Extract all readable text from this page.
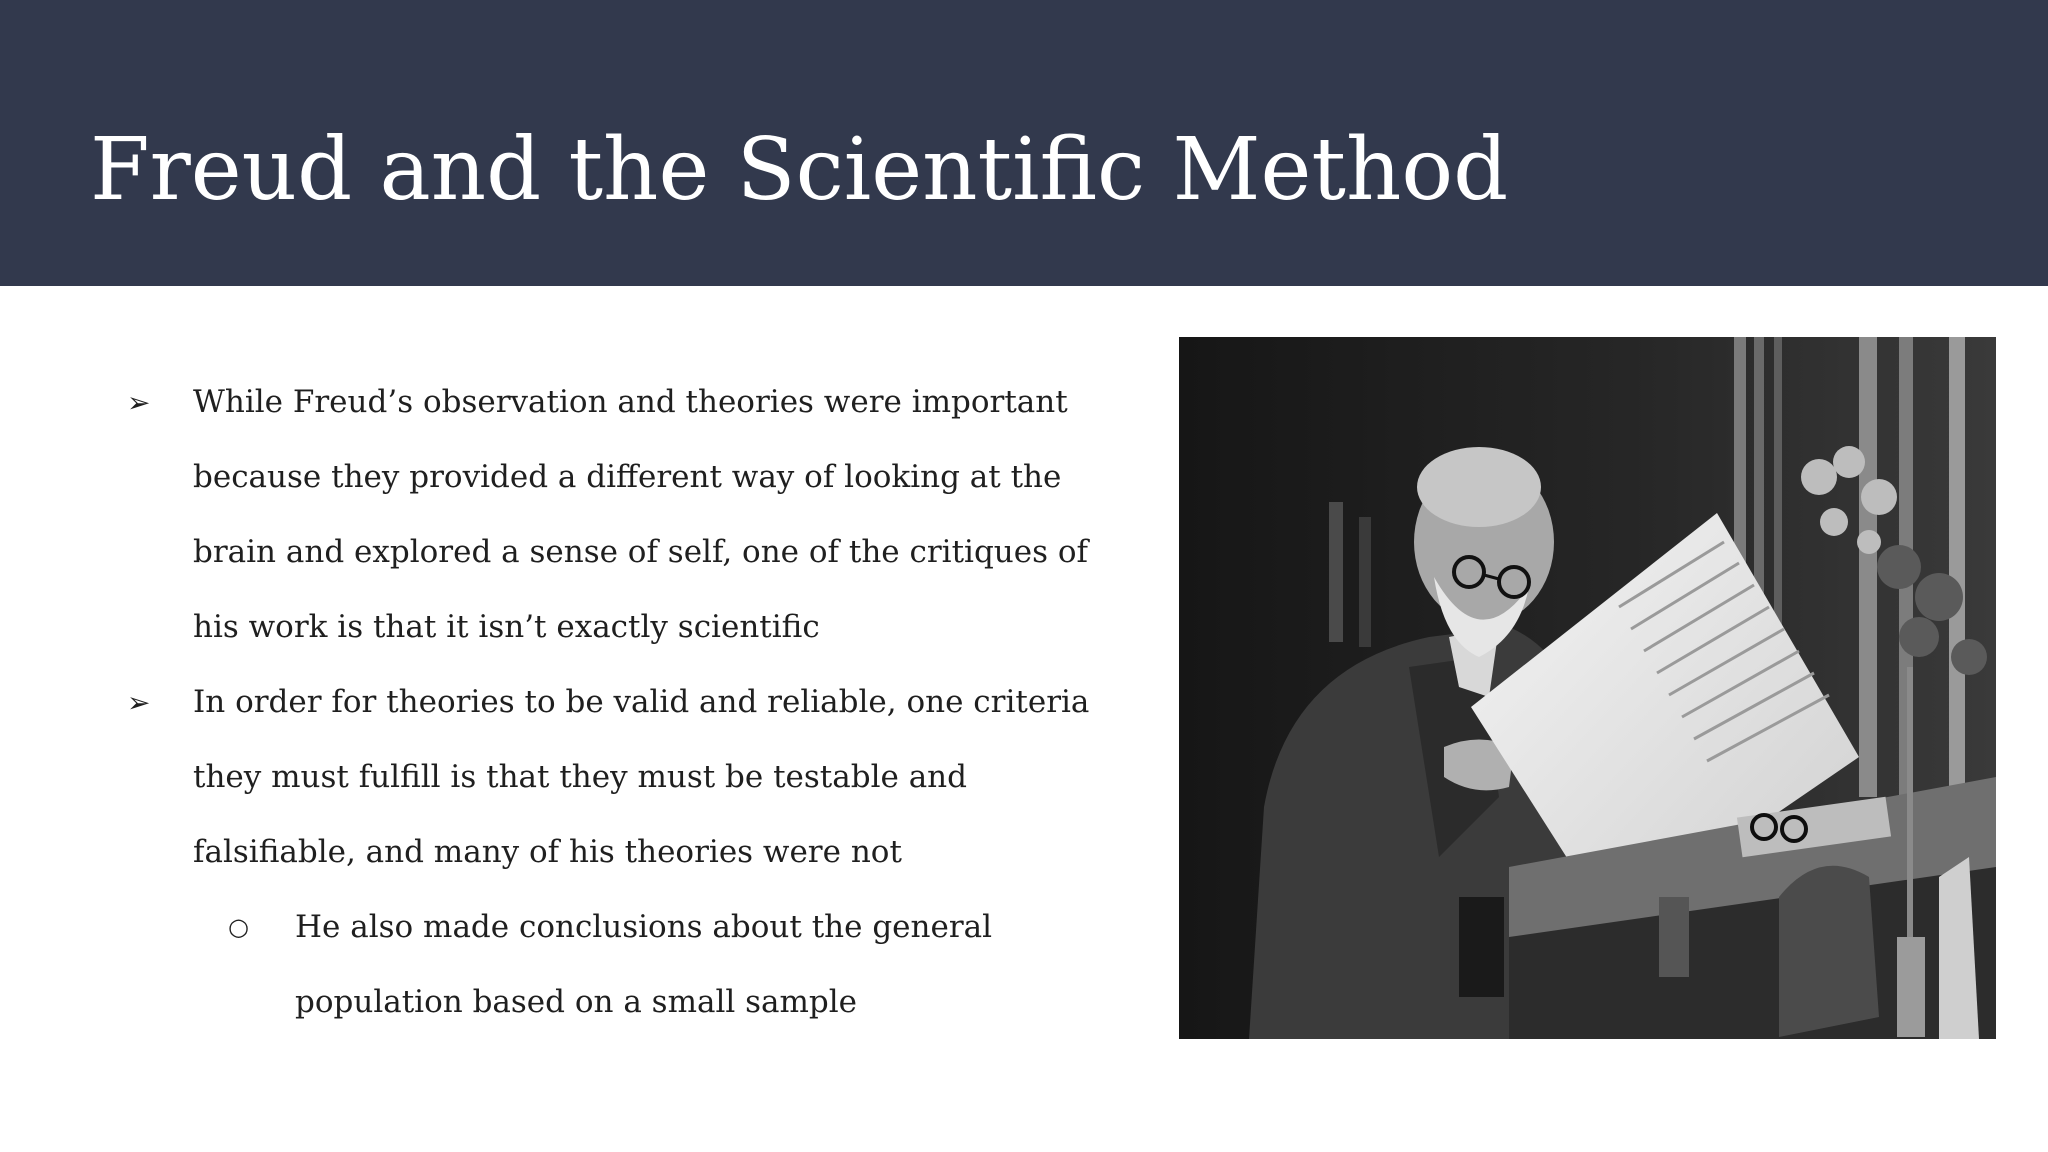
Freud and the Scientific Method
➢ While Freud’s observation and theories were important because they provided a different way of looking at the brain and explored a sense of self, one of the critiques of his work is that it isn’t exactly scientific
➢ In order for theories to be valid and reliable, one criteria they must fulfill is that they must be testable and falsifiable, and many of his theories were not
○ He also made conclusions about the general population based on a small sample
